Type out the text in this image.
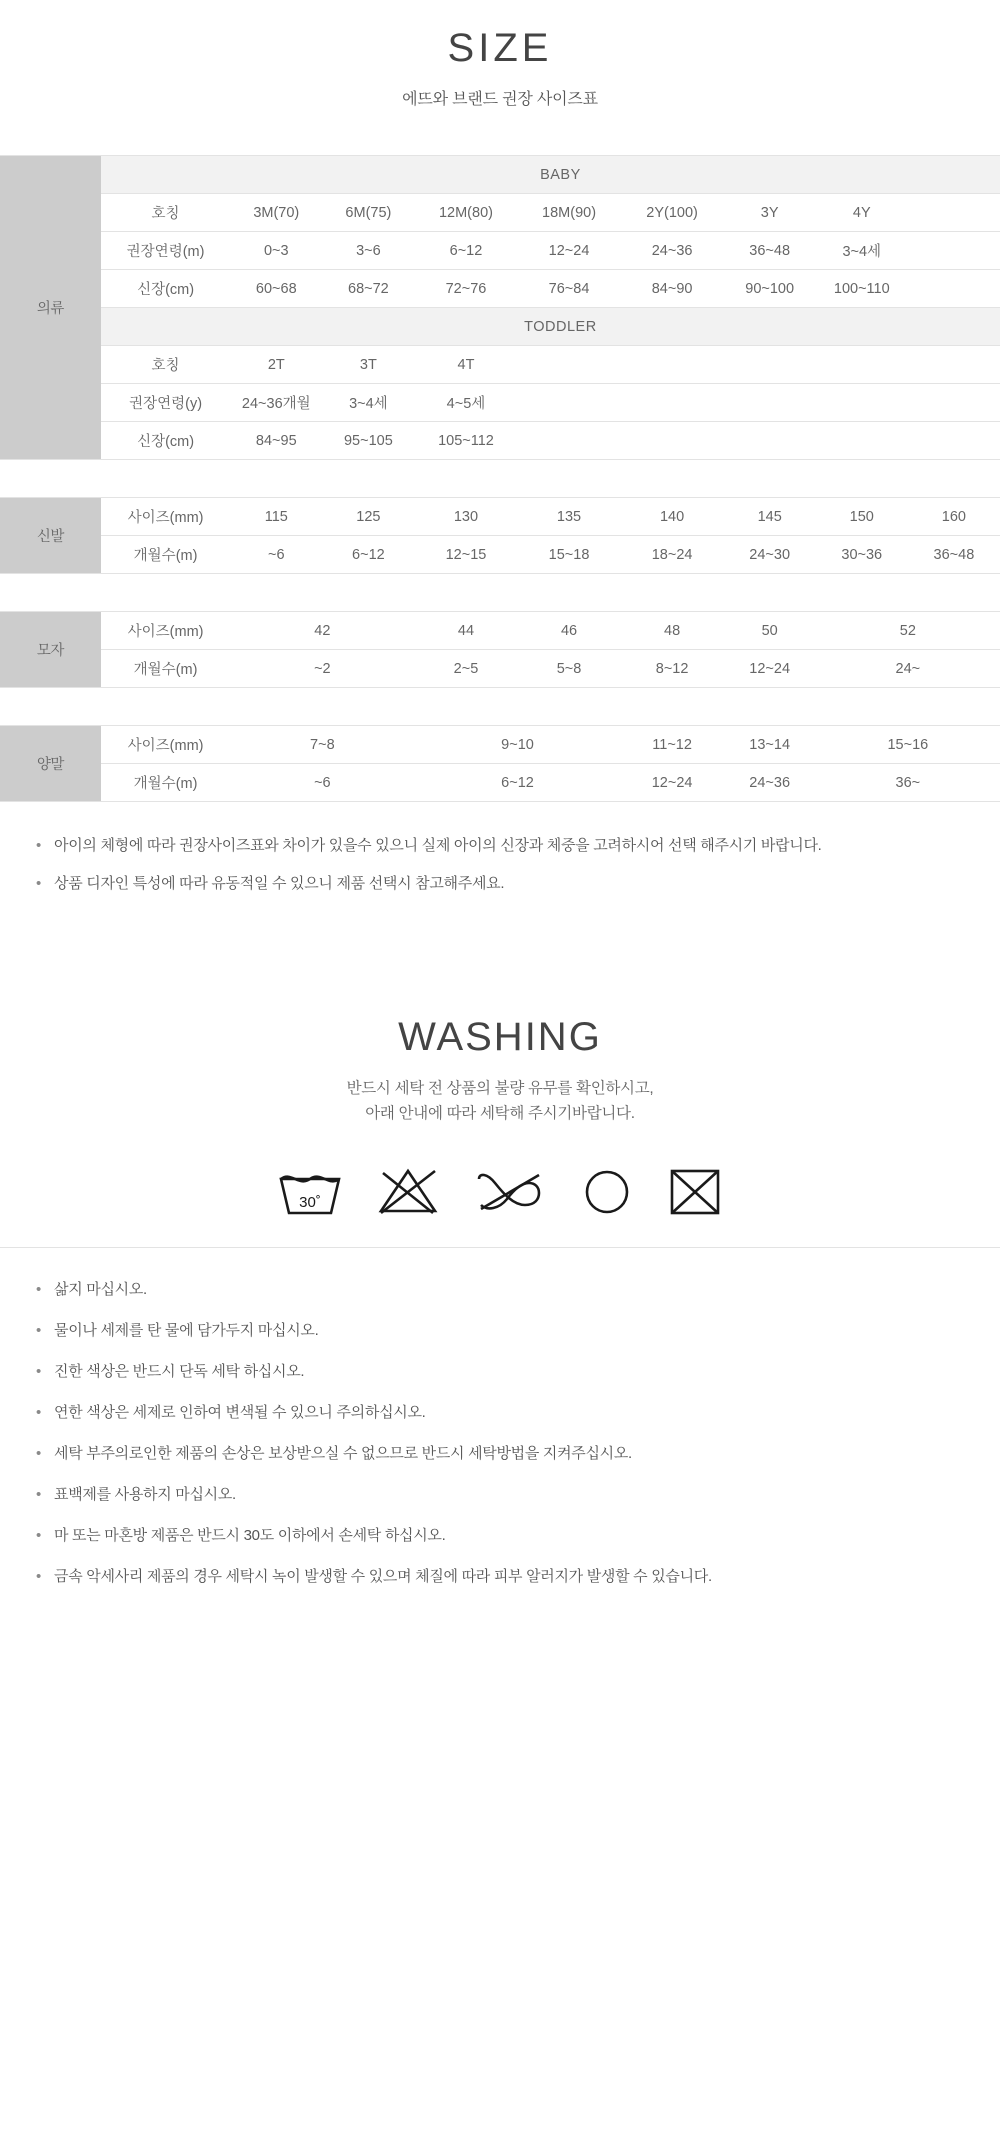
SIZE
에뜨와 브랜드 권장 사이즈표
의류	BABY								
	호칭	3M(70)	6M(75)	12M(80)	18M(90)	2Y(100)	3Y	4Y	
	권장연령(m)	0~3	3~6	6~12	12~24	24~36	36~48	3~4세	
	신장(cm)	60~68	68~72	72~76	76~84	84~90	90~100	100~110	
	TODDLER								
	호칭	2T	3T	4T					
	권장연령(y)	24~36개월	3~4세	4~5세					
	신장(cm)	84~95	95~105	105~112					

신발	사이즈(mm)	115	125	130	135	140	145	150	160
	개월수(m)	~6	6~12	12~15	15~18	18~24	24~30	30~36	36~48

모자	사이즈(mm)	42		44	46	48	50	52	
	개월수(m)	~2		2~5	5~8	8~12	12~24	24~	

양말	사이즈(mm)	7~8		9~10		11~12	13~14	15~16	
	개월수(m)	~6		6~12		12~24	24~36	36~	
• 아이의 체형에 따라 권장사이즈표와 차이가 있을수 있으니 실제 아이의 신장과 체중을 고려하시어 선택 해주시기 바랍니다.
• 상품 디자인 특성에 따라 유동적일 수 있으니 제품 선택시 참고해주세요.
WASHING
반드시 세탁 전 상품의 불량 유무를 확인하시고,
아래 안내에 따라 세탁해 주시기바랍니다.
30˚
• 삶지 마십시오.
• 물이나 세제를 탄 물에 담가두지 마십시오.
• 진한 색상은 반드시 단독 세탁 하십시오.
• 연한 색상은 세제로 인하여 변색될 수 있으니 주의하십시오.
• 세탁 부주의로인한 제품의 손상은 보상받으실 수 없으므로 반드시 세탁방법을 지켜주십시오.
• 표백제를 사용하지 마십시오.
• 마 또는 마혼방 제품은 반드시 30도 이하에서 손세탁 하십시오.
• 금속 악세사리 제품의 경우 세탁시 녹이 발생할 수 있으며 체질에 따라 피부 알러지가 발생할 수 있습니다.
